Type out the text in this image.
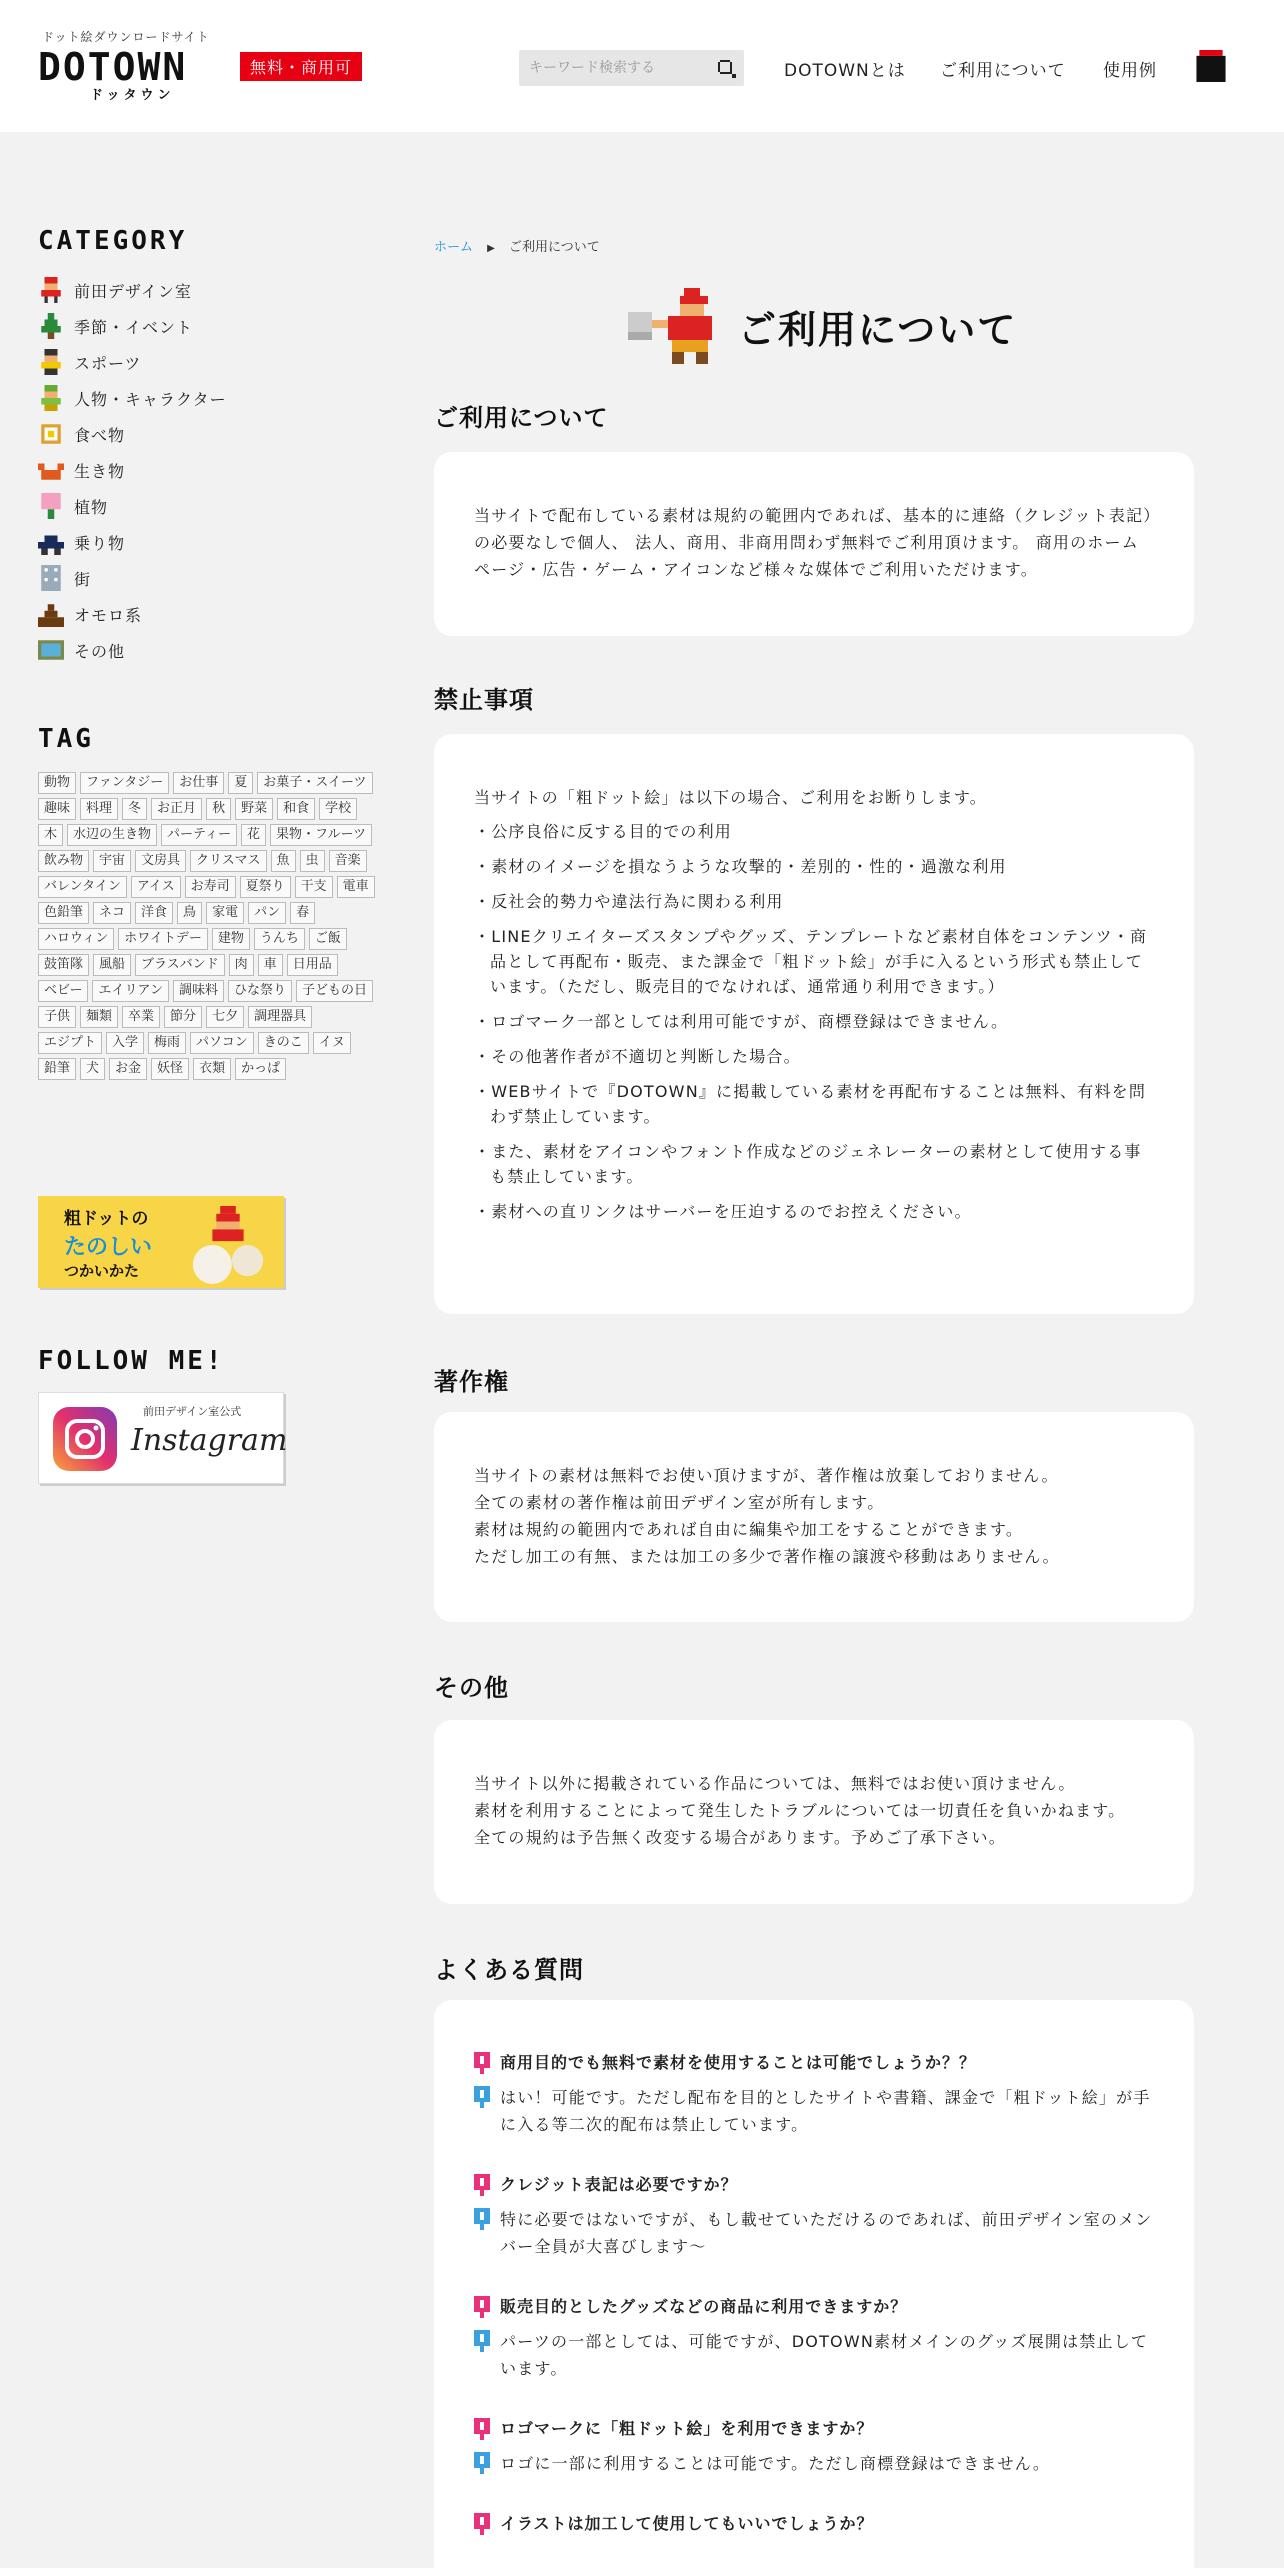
ドット絵ダウンロードサイト
DOTOWN
ドッタウン
無料・商用可
キーワード検索する	DOTOWNとは ご利用について 使用例
CATEGORY
前田デザイン室
季節・イベント
スポーツ
人物・キャラクター
食べ物
生き物
植物
乗り物
街
オモロ系
その他
TAG
動物	ファンタジー	お仕事	夏	お菓子・スイーツ
趣味	料理	冬	お正月	秋	野菜	和食	学校
木	水辺の生き物	パーティー	花	果物・フルーツ
飲み物	宇宙	文房具	クリスマス	魚	虫	音楽
バレンタイン	アイス	お寿司	夏祭り	干支	電車
色鉛筆	ネコ	洋食	鳥	家電	パン	春
ハロウィン	ホワイトデー	建物	うんち	ご飯
鼓笛隊	風船	ブラスバンド	肉	車	日用品
ベビー	エイリアン	調味料	ひな祭り	子どもの日
子供	麺類	卒業	節分	七夕	調理器具
エジプト	入学	梅雨	パソコン	きのこ	イヌ
鉛筆	犬	お金	妖怪	衣類	かっぱ
粗ドットの
たのしい
つかいかた
FOLLOW ME!
前田デザイン室公式
Instagram
ホーム ▶ ご利用について
ご利用について
ご利用について
当サイトで配布している素材は規約の範囲内であれば、基本的に連絡（クレジット表記）の必要なしで個人、 法人、商用、非商用問わず無料でご利用頂けます。 商用のホームページ・広告・ゲーム・アイコンなど様々な媒体でご利用いただけます。
禁止事項
当サイトの「粗ドット絵」は以下の場合、ご利用をお断りします。
・公序良俗に反する目的での利用
・素材のイメージを損なうような攻撃的・差別的・性的・過激な利用
・反社会的勢力や違法行為に関わる利用
・LINEクリエイターズスタンプやグッズ、テンプレートなど素材自体をコンテンツ・商品として再配布・販売、また課金で「粗ドット絵」が手に入るという形式も禁止しています。（ただし、販売目的でなければ、通常通り利用できます。）
・ロゴマーク一部としては利用可能ですが、商標登録はできません。
・その他著作者が不適切と判断した場合。
・WEBサイトで『DOTOWN』に掲載している素材を再配布することは無料、有料を問わず禁止しています。
・また、素材をアイコンやフォント作成などのジェネレーターの素材として使用する事も禁止しています。
・素材への直リンクはサーバーを圧迫するのでお控えください。
著作権
当サイトの素材は無料でお使い頂けますが、著作権は放棄しておりません。
全ての素材の著作権は前田デザイン室が所有します。
素材は規約の範囲内であれば自由に編集や加工をすることができます。
ただし加工の有無、または加工の多少で著作権の譲渡や移動はありません。
その他
当サイト以外に掲載されている作品については、無料ではお使い頂けません。
素材を利用することによって発生したトラブルについては一切責任を負いかねます。
全ての規約は予告無く改変する場合があります。予めご了承下さい。
よくある質問
商用目的でも無料で素材を使用することは可能でしょうか？？
はい！可能です。ただし配布を目的としたサイトや書籍、課金で「粗ドット絵」が手に入る等二次的配布は禁止しています。
クレジット表記は必要ですか？
特に必要ではないですが、もし載せていただけるのであれば、前田デザイン室のメンバー全員が大喜びします〜
販売目的としたグッズなどの商品に利用できますか？
パーツの一部としては、可能ですが、DOTOWN素材メインのグッズ展開は禁止しています。
ロゴマークに「粗ドット絵」を利用できますか？
ロゴに一部に利用することは可能です。ただし商標登録はできません。
イラストは加工して使用してもいいでしょうか？
